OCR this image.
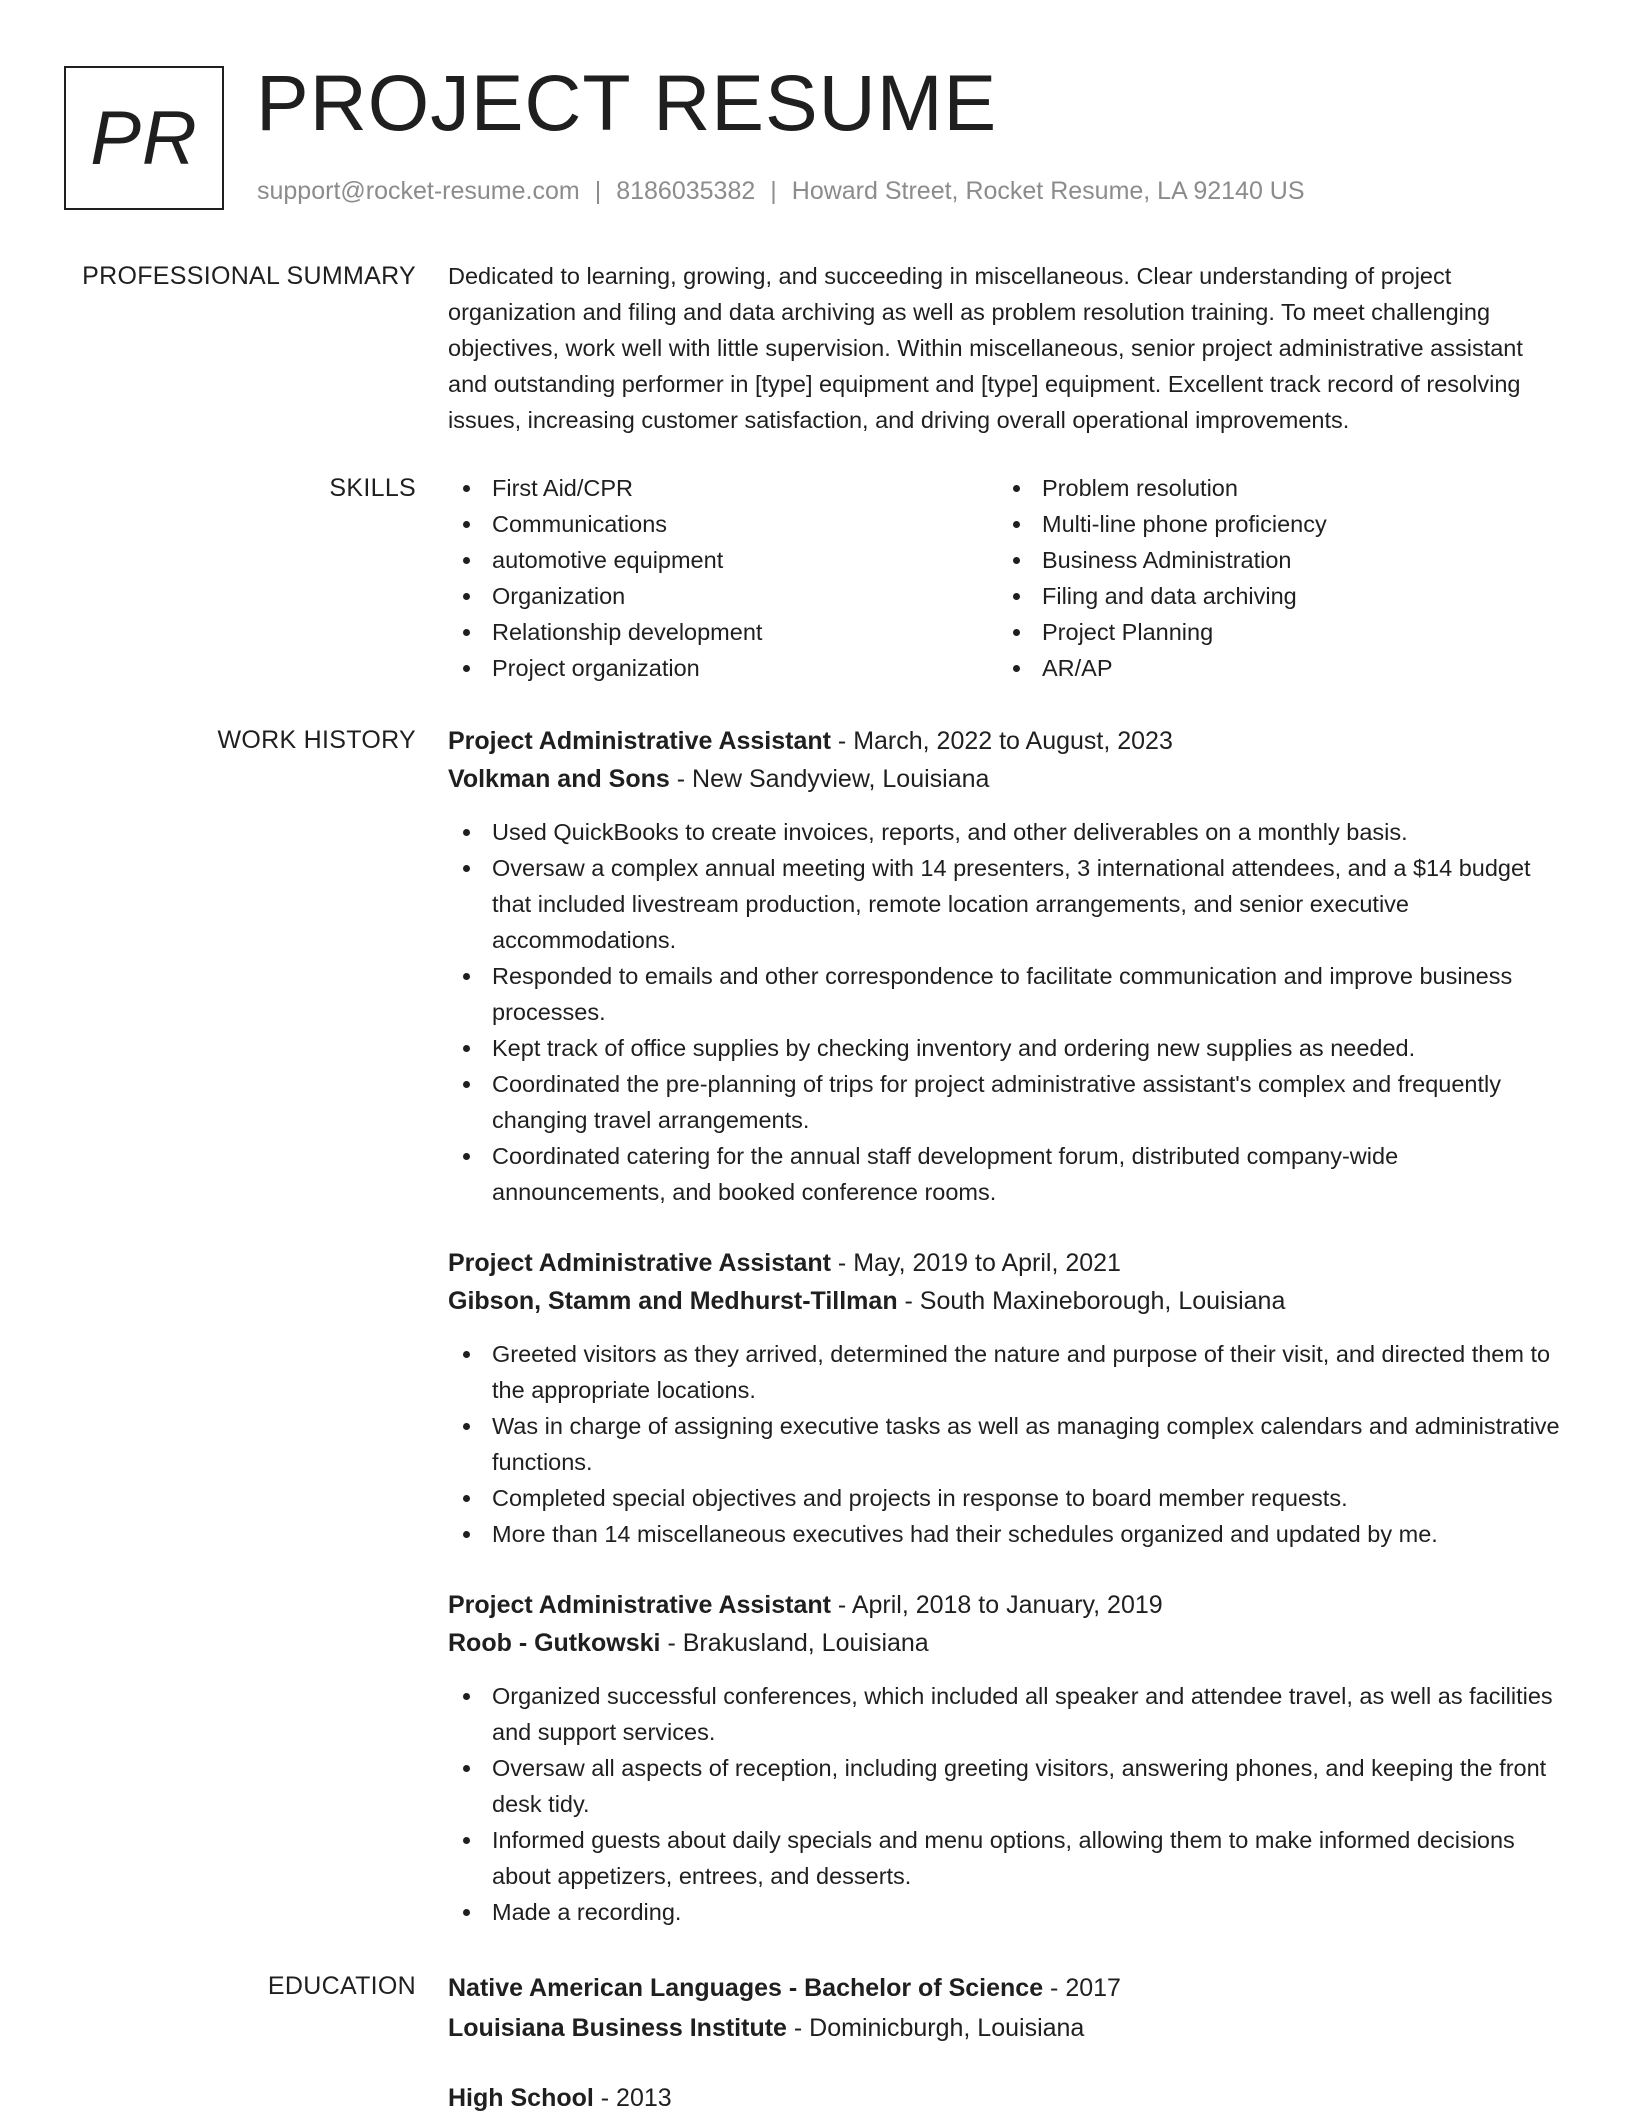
PR PROJECT RESUME
support@rocket-resume.com | 8186035382 | Howard Street, Rocket Resume, LA 92140 US
PROFESSIONAL SUMMARY Dedicated to learning, growing, and succeeding in miscellaneous. Clear understanding of project organization and filing and data archiving as well as problem resolution training. To meet challenging objectives, work well with little supervision. Within miscellaneous, senior project administrative assistant and outstanding performer in [type] equipment and [type] equipment. Excellent track record of resolving issues, increasing customer satisfaction, and driving overall operational improvements.
SKILLS	First Aid/CPR
Communications
automotive equipment
Organization
Relationship development
Project organization
Problem resolution
Multi-line phone proficiency
Business Administration
Filing and data archiving
Project Planning
AR/AP
WORK HISTORY Project Administrative Assistant - March, 2022 to August, 2023
Volkman and Sons - New Sandyview, Louisiana
Used QuickBooks to create invoices, reports, and other deliverables on a monthly basis.
Oversaw a complex annual meeting with 14 presenters, 3 international attendees, and a $14 budget that included livestream production, remote location arrangements, and senior executive accommodations.
Responded to emails and other correspondence to facilitate communication and improve business processes.
Kept track of office supplies by checking inventory and ordering new supplies as needed.
Coordinated the pre-planning of trips for project administrative assistant's complex and frequently changing travel arrangements.
Coordinated catering for the annual staff development forum, distributed company-wide announcements, and booked conference rooms.
Project Administrative Assistant - May, 2019 to April, 2021
Gibson, Stamm and Medhurst-Tillman - South Maxineborough, Louisiana
Greeted visitors as they arrived, determined the nature and purpose of their visit, and directed them to the appropriate locations.
Was in charge of assigning executive tasks as well as managing complex calendars and administrative functions.
Completed special objectives and projects in response to board member requests.
More than 14 miscellaneous executives had their schedules organized and updated by me.
Project Administrative Assistant - April, 2018 to January, 2019
Roob - Gutkowski - Brakusland, Louisiana
Organized successful conferences, which included all speaker and attendee travel, as well as facilities and support services.
Oversaw all aspects of reception, including greeting visitors, answering phones, and keeping the front desk tidy.
Informed guests about daily specials and menu options, allowing them to make informed decisions about appetizers, entrees, and desserts.
Made a recording.
EDUCATION Native American Languages - Bachelor of Science - 2017
Louisiana Business Institute - Dominicburgh, Louisiana
High School - 2013
